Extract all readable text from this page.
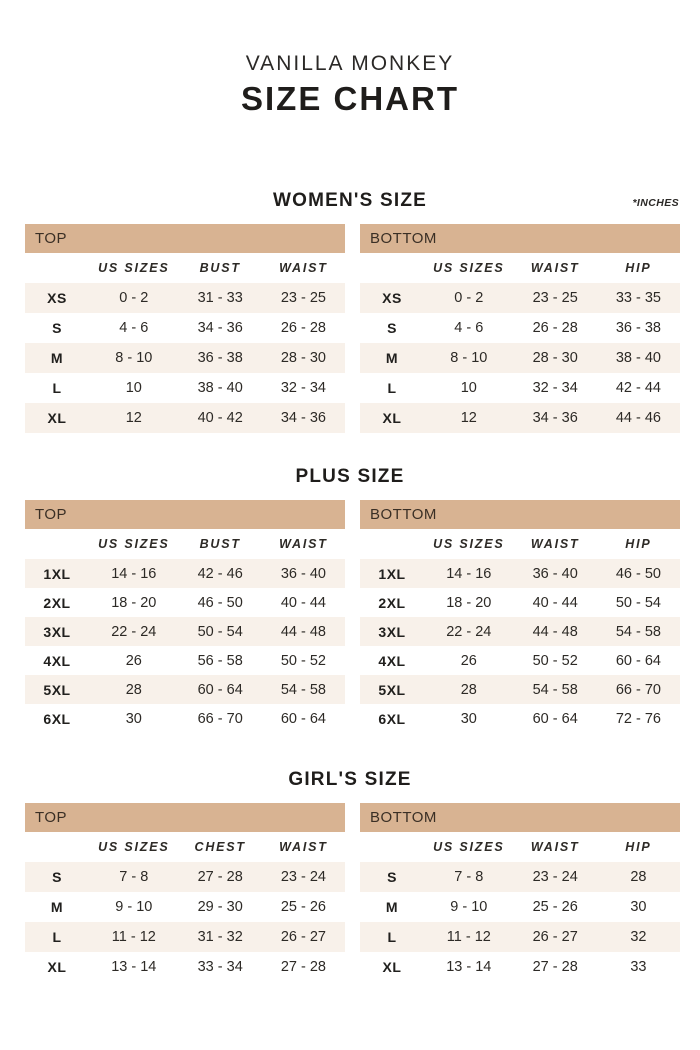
VANILLA MONKEY
SIZE CHART
WOMEN'S SIZE	*INCHES
TOP
	US SIZES	BUST	WAIST
XS	0 - 2	31 - 33	23 - 25
S	4 - 6	34 - 36	26 - 28
M	8 - 10	36 - 38	28 - 30
L	10	38 - 40	32 - 34
XL	12	40 - 42	34 - 36
BOTTOM
	US SIZES	WAIST	HIP
XS	0 - 2	23 - 25	33 - 35
S	4 - 6	26 - 28	36 - 38
M	8 - 10	28 - 30	38 - 40
L	10	32 - 34	42 - 44
XL	12	34 - 36	44 - 46
PLUS SIZE
TOP
	US SIZES	BUST	WAIST
1XL	14 - 16	42 - 46	36 - 40
2XL	18 - 20	46 - 50	40 - 44
3XL	22 - 24	50 - 54	44 - 48
4XL	26	56 - 58	50 - 52
5XL	28	60 - 64	54 - 58
6XL	30	66 - 70	60 - 64
BOTTOM
	US SIZES	WAIST	HIP
1XL	14 - 16	36 - 40	46 - 50
2XL	18 - 20	40 - 44	50 - 54
3XL	22 - 24	44 - 48	54 - 58
4XL	26	50 - 52	60 - 64
5XL	28	54 - 58	66 - 70
6XL	30	60 - 64	72 - 76
GIRL'S SIZE
TOP
	US SIZES	CHEST	WAIST
S	7 - 8	27 - 28	23 - 24
M	9 - 10	29 - 30	25 - 26
L	11 - 12	31 - 32	26 - 27
XL	13 - 14	33 - 34	27 - 28
BOTTOM
	US SIZES	WAIST	HIP
S	7 - 8	23 - 24	28
M	9 - 10	25 - 26	30
L	11 - 12	26 - 27	32
XL	13 - 14	27 - 28	33
